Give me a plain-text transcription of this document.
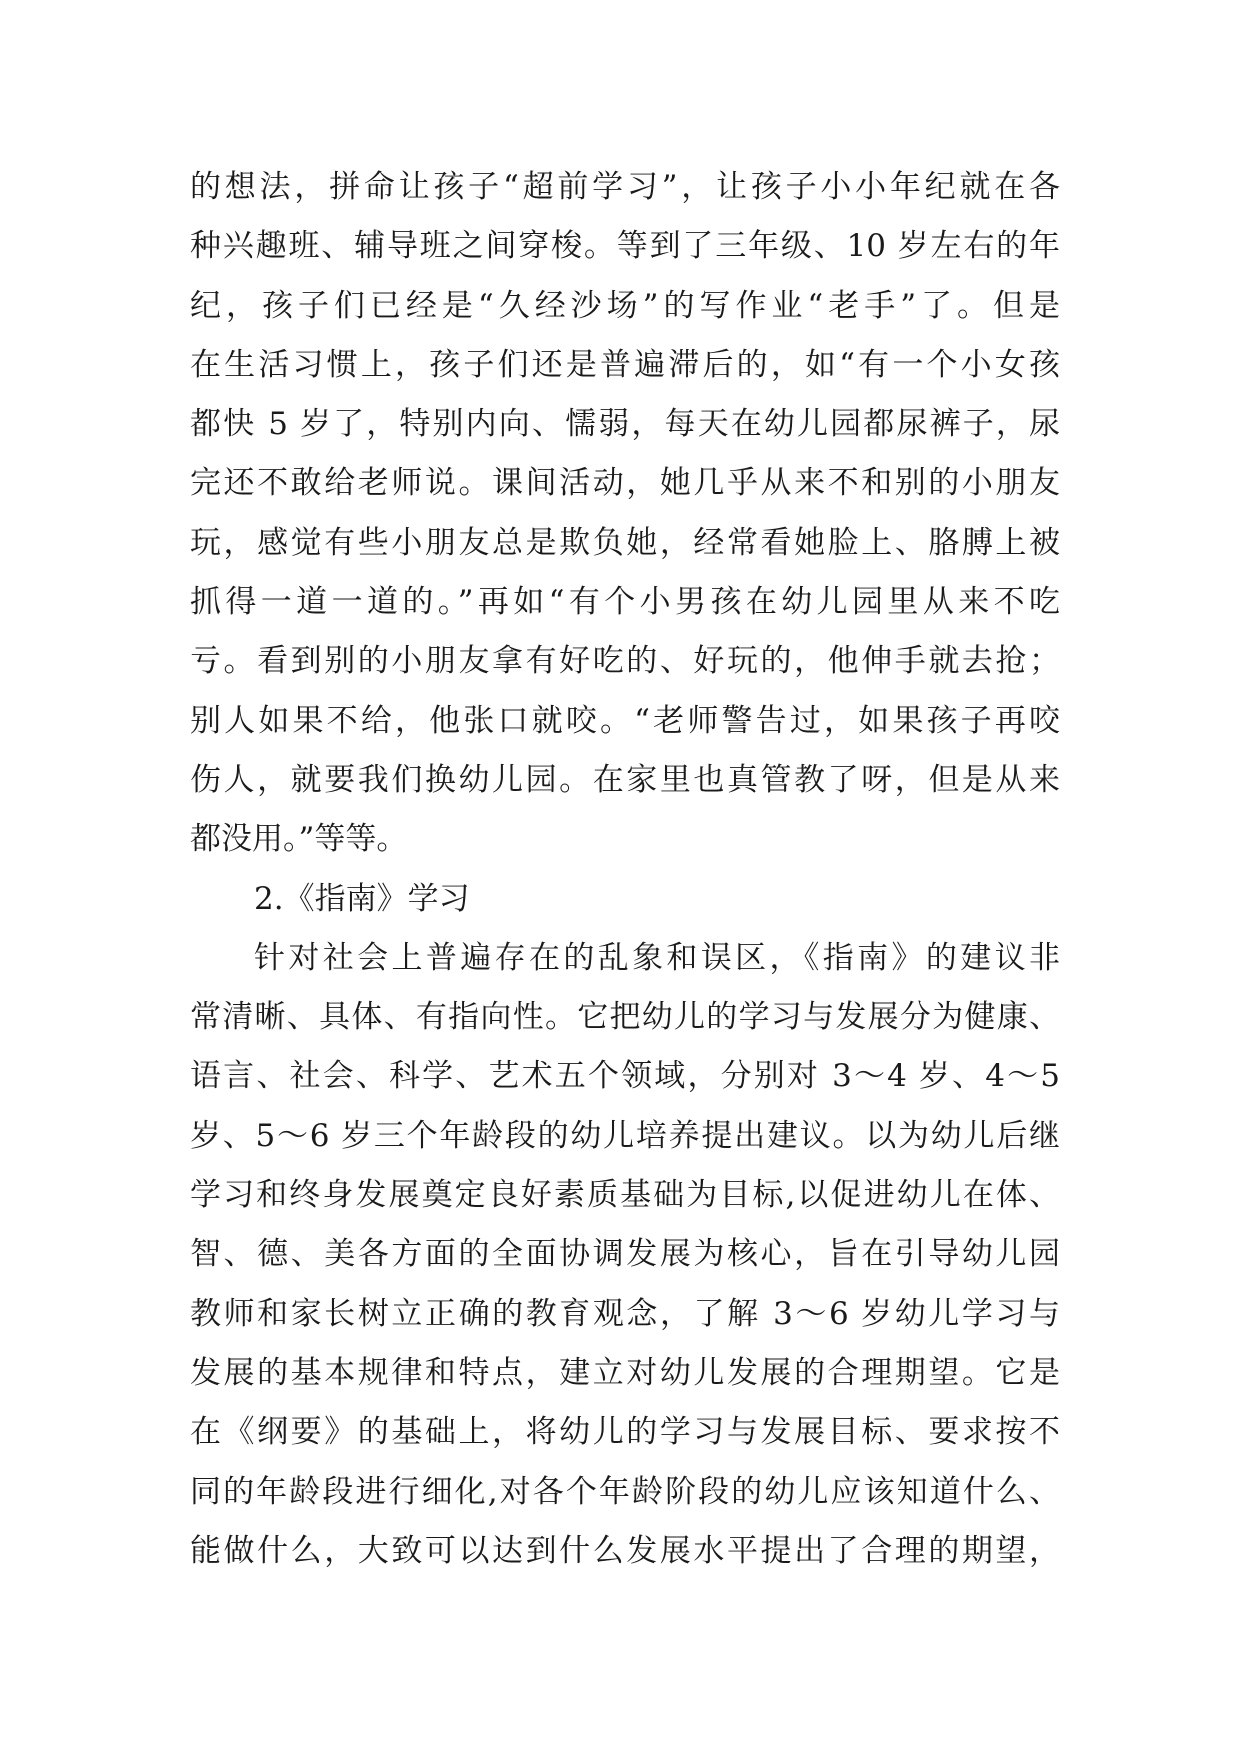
的想法，拼命让孩子“超前学习”，让孩子小小年纪就在各
种兴趣班、辅导班之间穿梭。等到了三年级、10 岁左右的年
纪，孩子们已经是“久经沙场”的写作业“老手”了。但是
在生活习惯上，孩子们还是普遍滞后的，如“有一个小女孩
都快 5 岁了，特别内向、懦弱，每天在幼儿园都尿裤子，尿
完还不敢给老师说。课间活动，她几乎从来不和别的小朋友
玩，感觉有些小朋友总是欺负她，经常看她脸上、胳膊上被
抓得一道一道的。”再如“有个小男孩在幼儿园里从来不吃
亏。看到别的小朋友拿有好吃的、好玩的，他伸手就去抢；
别人如果不给，他张口就咬。“老师警告过，如果孩子再咬
伤人，就要我们换幼儿园。在家里也真管教了呀，但是从来
都没用。”等等。
2.《指南》学习
针对社会上普遍存在的乱象和误区，《指南》的建议非
常清晰、具体、有指向性。它把幼儿的学习与发展分为健康、
语言、社会、科学、艺术五个领域，分别对 3～4 岁、4～5
岁、5～6 岁三个年龄段的幼儿培养提出建议。以为幼儿后继
学习和终身发展奠定良好素质基础为目标,以促进幼儿在体、
智、德、美各方面的全面协调发展为核心，旨在引导幼儿园
教师和家长树立正确的教育观念，了解 3～6 岁幼儿学习与
发展的基本规律和特点，建立对幼儿发展的合理期望。它是
在《纲要》的基础上，将幼儿的学习与发展目标、要求按不
同的年龄段进行细化,对各个年龄阶段的幼儿应该知道什么、
能做什么，大致可以达到什么发展水平提出了合理的期望，
